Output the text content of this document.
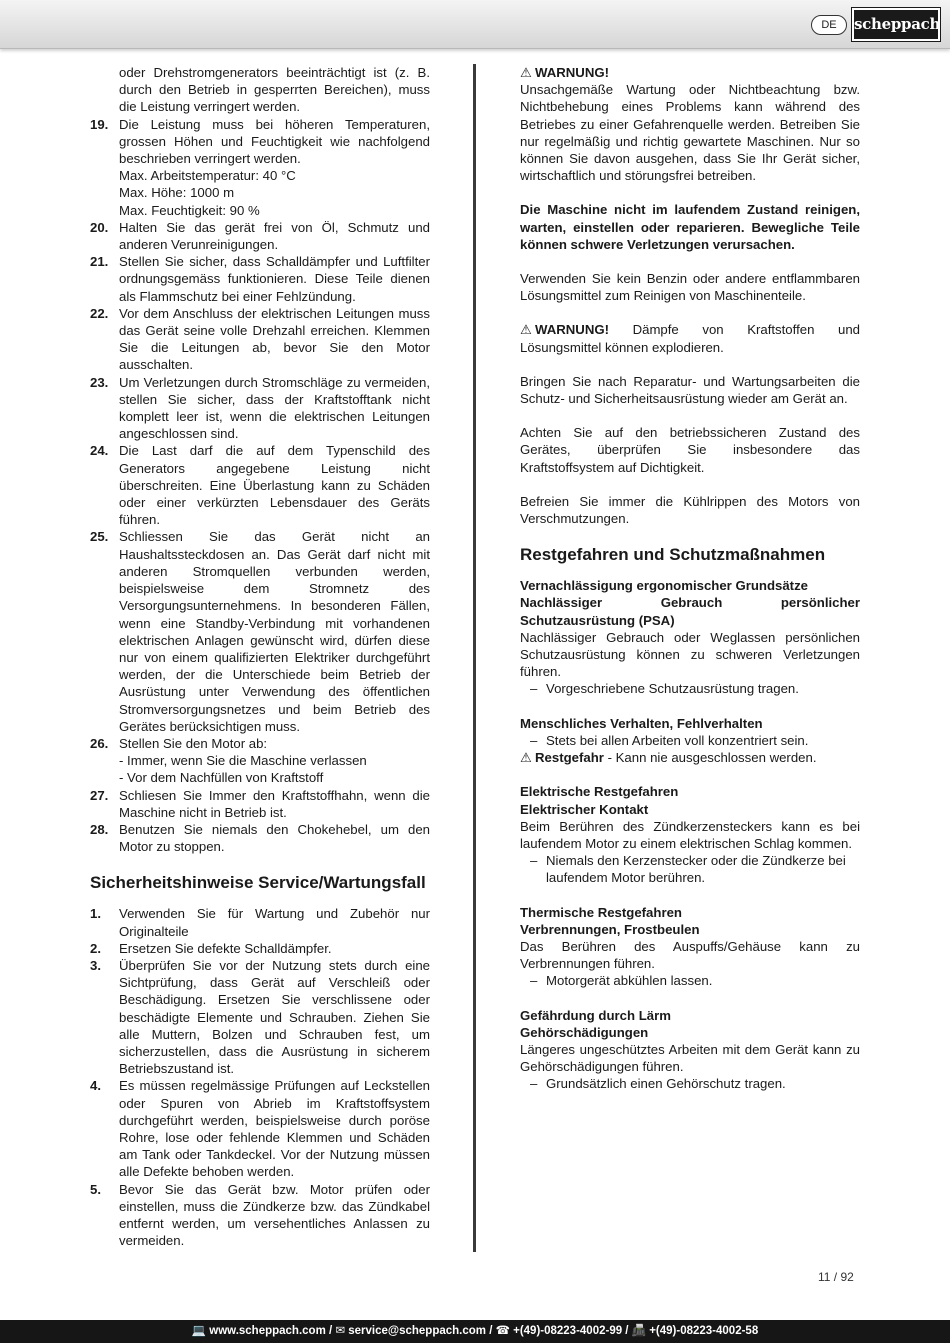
DE	scheppach
oder Drehstromgenerators beeinträchtigt ist (z. B. durch den Betrieb in gesperrten Bereichen), muss die Leistung verringert werden.
19. Die Leistung muss bei höheren Temperaturen, grossen Höhen und Feuchtigkeit wie nachfolgend beschrieben verringert werden.
Max. Arbeitstemperatur: 40 °C
Max. Höhe: 1000 m
Max. Feuchtigkeit: 90 %
20. Halten Sie das gerät frei von Öl, Schmutz und anderen Verunreinigungen.
21. Stellen Sie sicher, dass Schalldämpfer und Luftfilter ordnungsgemäss funktionieren. Diese Teile dienen als Flammschutz bei einer Fehlzündung.
22. Vor dem Anschluss der elektrischen Leitungen muss das Gerät seine volle Drehzahl erreichen. Klemmen Sie die Leitungen ab, bevor Sie den Motor ausschalten.
23. Um Verletzungen durch Stromschläge zu vermeiden, stellen Sie sicher, dass der Kraftstofftank nicht komplett leer ist, wenn die elektrischen Leitungen angeschlossen sind.
24. Die Last darf die auf dem Typenschild des Generators angegebene Leistung nicht überschreiten. Eine Überlastung kann zu Schäden oder einer verkürzten Lebensdauer des Geräts führen.
25. Schliessen Sie das Gerät nicht an Haushaltssteckdosen an. Das Gerät darf nicht mit anderen Stromquellen verbunden werden, beispielsweise dem Stromnetz des Versorgungsunternehmens. In besonderen Fällen, wenn eine Standby-Verbindung mit vorhandenen elektrischen Anlagen gewünscht wird, dürfen diese nur von einem qualifizierten Elektriker durchgeführt werden, der die Unterschiede beim Betrieb der Ausrüstung unter Verwendung des öffentlichen Stromversorgungsnetzes und beim Betrieb des Gerätes berücksichtigen muss.
26. Stellen Sie den Motor ab:
- Immer, wenn Sie die Maschine verlassen
- Vor dem Nachfüllen von Kraftstoff
27. Schliesen Sie Immer den Kraftstoffhahn, wenn die Maschine nicht in Betrieb ist.
28. Benutzen Sie niemals den Chokehebel, um den Motor zu stoppen.
Sicherheitshinweise Service/Wartungsfall
1.	Verwenden Sie für Wartung und Zubehör nur Originalteile
2.	Ersetzen Sie defekte Schalldämpfer.
3.	Überprüfen Sie vor der Nutzung stets durch eine Sichtprüfung, dass Gerät auf Verschleiß oder Beschädigung. Ersetzen Sie verschlissene oder beschädigte Elemente und Schrauben. Ziehen Sie alle Muttern, Bolzen und Schrauben fest, um sicherzustellen, dass die Ausrüstung in sicherem Betriebszustand ist.
4.	Es müssen regelmässige Prüfungen auf Leckstellen oder Spuren von Abrieb im Kraftstoffsystem durchgeführt werden, beispielsweise durch poröse Rohre, lose oder fehlende Klemmen und Schäden am Tank oder Tankdeckel. Vor der Nutzung müssen alle Defekte behoben werden.
5.	Bevor Sie das Gerät bzw. Motor prüfen oder einstellen, muss die Zündkerze bzw. das Zündkabel entfernt werden, um versehentliches Anlassen zu vermeiden.
⚠ WARNUNG!
Unsachgemäße Wartung oder Nichtbeachtung bzw. Nichtbehebung eines Problems kann während des Betriebes zu einer Gefahrenquelle werden. Betreiben Sie nur regelmäßig und richtig gewartete Maschinen. Nur so können Sie davon ausgehen, dass Sie Ihr Gerät sicher, wirtschaftlich und störungsfrei betreiben.
Die Maschine nicht im laufendem Zustand reinigen, warten, einstellen oder reparieren. Bewegliche Teile können schwere Verletzungen verursachen.
Verwenden Sie kein Benzin oder andere entflammbaren Lösungsmittel zum Reinigen von Maschinenteile.
⚠ WARNUNG! Dämpfe von Kraftstoffen und Lösungsmittel können explodieren.
Bringen Sie nach Reparatur- und Wartungsarbeiten die Schutz- und Sicherheitsausrüstung wieder am Gerät an.
Achten Sie auf den betriebssicheren Zustand des Gerätes, überprüfen Sie insbesondere das Kraftstoffsystem auf Dichtigkeit.
Befreien Sie immer die Kühlrippen des Motors von Verschmutzungen.
Restgefahren und Schutzmaßnahmen
Vernachlässigung ergonomischer Grundsätze
Nachlässiger Gebrauch persönlicher Schutzausrüstung (PSA)
Nachlässiger Gebrauch oder Weglassen persönlichen Schutzausrüstung können zu schweren Verletzungen führen.
– Vorgeschriebene Schutzausrüstung tragen.
Menschliches Verhalten, Fehlverhalten
– Stets bei allen Arbeiten voll konzentriert sein.
⚠ Restgefahr - Kann nie ausgeschlossen werden.
Elektrische Restgefahren
Elektrischer Kontakt
Beim Berühren des Zündkerzensteckers kann es bei laufendem Motor zu einem elektrischen Schlag kommen.
– Niemals den Kerzenstecker oder die Zündkerze bei laufendem Motor berühren.
Thermische Restgefahren
Verbrennungen, Frostbeulen
Das Berühren des Auspuffs/Gehäuse kann zu Verbrennungen führen.
– Motorgerät abkühlen lassen.
Gefährdung durch Lärm
Gehörschädigungen
Längeres ungeschütztes Arbeiten mit dem Gerät kann zu Gehörschädigungen führen.
– Grundsätzlich einen Gehörschutz tragen.
11 / 92
💻 www.scheppach.com / ✉ service@scheppach.com / ☎ +(49)-08223-4002-99 / 📠 +(49)-08223-4002-58
